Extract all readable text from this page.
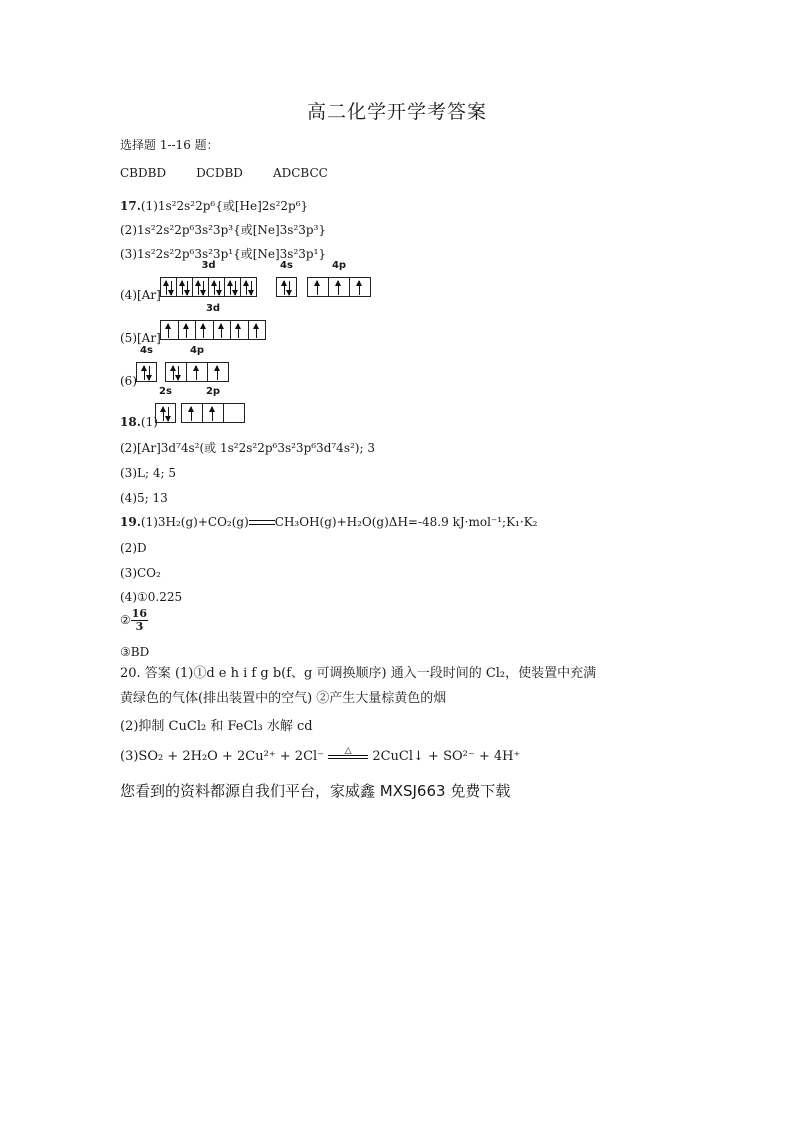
高二化学开学考答案
选择题 1--16 题：
CBDBD	DCDBD	ADCBCC
17.(1)1s²2s²2p⁶{或[He]2s²2p⁶}
(2)1s²2s²2p⁶3s²3p³{或[Ne]3s²3p³}
(3)1s²2s²2p⁶3s²3p¹{或[Ne]3s²3p¹}
(4)[Ar]
3d	4s	4p
(5)[Ar]
3d
(6)
4s	4p
18.(1)
2s	2p
(2)[Ar]3d⁷4s²(或 1s²2s²2p⁶3s²3p⁶3d⁷4s²); 3
(3)L; 4; 5
(4)5; 13
19.(1)3H₂(g)+CO₂(g) CH₃OH(g)+H₂O(g)ΔH=-48.9 kJ·mol⁻¹;K₁·K₂
(2)D
(3)CO₂
(4)①0.225
② $\frac{16}{3}$
③BD
20. 答案 (1)①d e h i f g b(f、g 可调换顺序) 通入一段时间的 Cl₂，使装置中充满
黄绿色的气体(排出装置中的空气) ②产生大量棕黄色的烟
(2)抑制 CuCl₂ 和 FeCl₃ 水解 cd
(3)SO₂ + 2H₂O + 2Cu²⁺ + 2Cl⁻	△	2CuCl↓ + SO²⁻ + 4H⁺
您看到的资料都源自我们平台，家威鑫 MXSJ663 免费下载
